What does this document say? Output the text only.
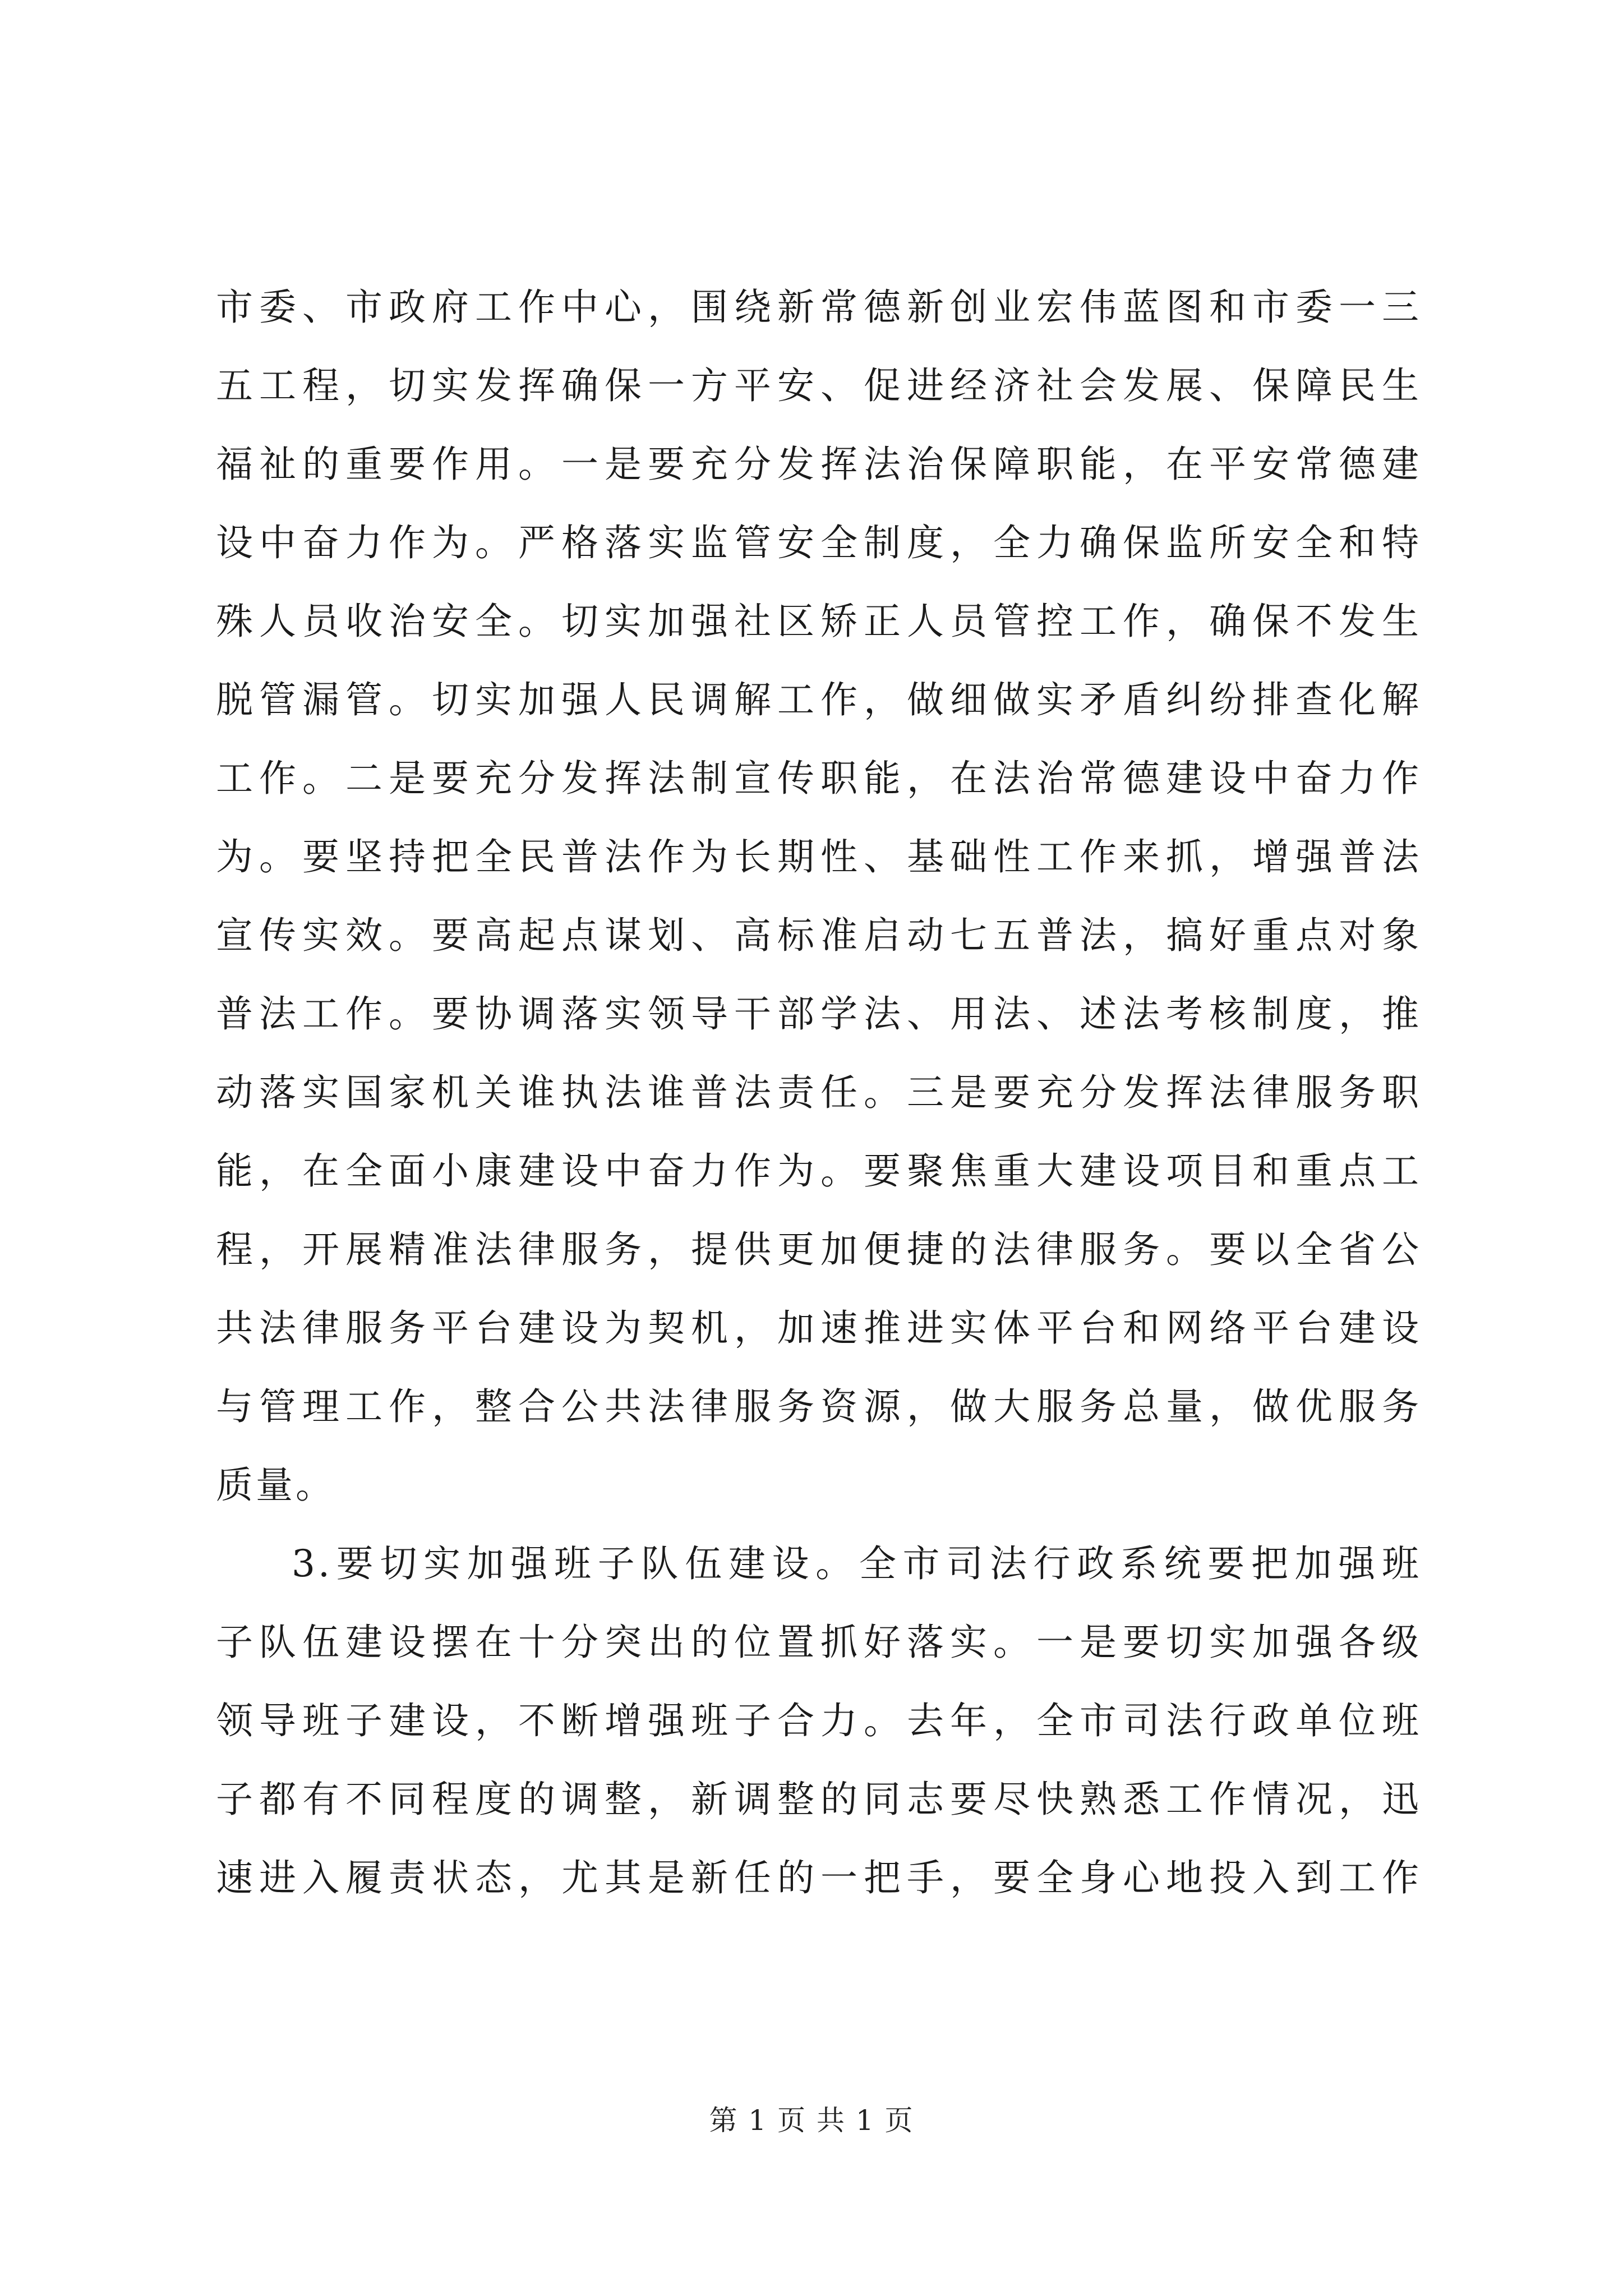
市委、市政府工作中心，围绕新常德新创业宏伟蓝图和市委一三
五工程，切实发挥确保一方平安、促进经济社会发展、保障民生
福祉的重要作用。一是要充分发挥法治保障职能，在平安常德建
设中奋力作为。严格落实监管安全制度，全力确保监所安全和特
殊人员收治安全。切实加强社区矫正人员管控工作，确保不发生
脱管漏管。切实加强人民调解工作，做细做实矛盾纠纷排查化解
工作。二是要充分发挥法制宣传职能，在法治常德建设中奋力作
为。要坚持把全民普法作为长期性、基础性工作来抓，增强普法
宣传实效。要高起点谋划、高标准启动七五普法，搞好重点对象
普法工作。要协调落实领导干部学法、用法、述法考核制度，推
动落实国家机关谁执法谁普法责任。三是要充分发挥法律服务职
能，在全面小康建设中奋力作为。要聚焦重大建设项目和重点工
程，开展精准法律服务，提供更加便捷的法律服务。要以全省公
共法律服务平台建设为契机，加速推进实体平台和网络平台建设
与管理工作，整合公共法律服务资源，做大服务总量，做优服务
质量。
3.要切实加强班子队伍建设。全市司法行政系统要把加强班
子队伍建设摆在十分突出的位置抓好落实。一是要切实加强各级
领导班子建设，不断增强班子合力。去年，全市司法行政单位班
子都有不同程度的调整，新调整的同志要尽快熟悉工作情况，迅
速进入履责状态，尤其是新任的一把手，要全身心地投入到工作
第 1 页 共 1 页
